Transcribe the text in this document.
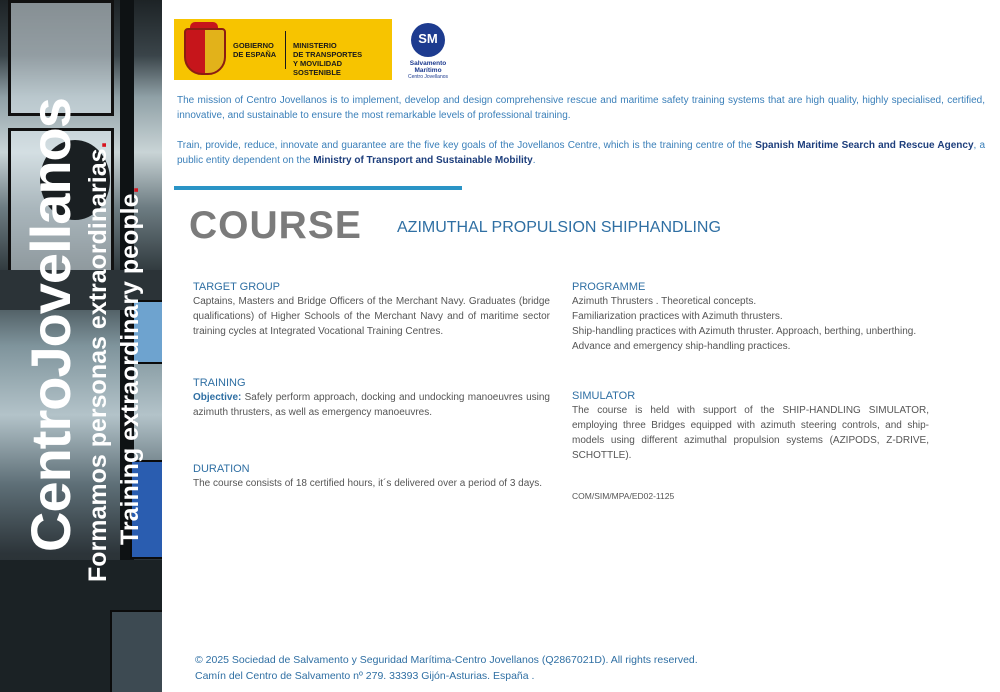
CentroJovellanos Formamos personas extraordinarias.
Training extraordinary people.
GOBIERNO
DE ESPAÑA
MINISTERIO
DE TRANSPORTES
Y MOVILIDAD SOSTENIBLE
SM
Salvamento Marítimo
Centro Jovellanos
The mission of Centro Jovellanos is to implement, develop and design comprehensive rescue and maritime safety training systems that are high quality, highly specialised, certified, innovative, and sustainable to ensure the most remarkable levels of professional training.
Train, provide, reduce, innovate and guarantee are the five key goals of the Jovellanos Centre, which is the training centre of the Spanish Maritime Search and Rescue Agency, a public entity dependent on the Ministry of Transport and Sustainable Mobility.
COURSE AZIMUTHAL PROPULSION SHIPHANDLING

TARGET GROUP

Captains, Masters and Bridge Officers of the Merchant Navy. Graduates (bridge qualifications) of Higher Schools of the Merchant Navy and of maritime sector training cycles at Integrated Vocational Training Centres.

TRAINING

Objective: Safely perform approach, docking and undocking manoeuvres using azimuth thrusters, as well as emergency manoeuvres.

DURATION

The course consists of 18 certified hours, it´s delivered over a period of 3 days.

PROGRAMME

Azimuth Thrusters . Theoretical concepts.
Familiarization practices with Azimuth thrusters.
Ship-handling practices with Azimuth thruster. Approach, berthing, unberthing.
Advance and emergency ship-handling practices.

SIMULATOR

The course is held with support of the SHIP-HANDLING SIMULATOR, employing three Bridges equipped with azimuth steering controls, and ship-models using different azimuthal propulsion systems (AZIPODS, Z-DRIVE, SCHOTTLE).

COM/SIM/MPA/ED02-1125
© 2025 Sociedad de Salvamento y Seguridad Marítima-Centro Jovellanos (Q2867021D). All rights reserved.
Camín del Centro de Salvamento nº 279. 33393 Gijón-Asturias. España .
